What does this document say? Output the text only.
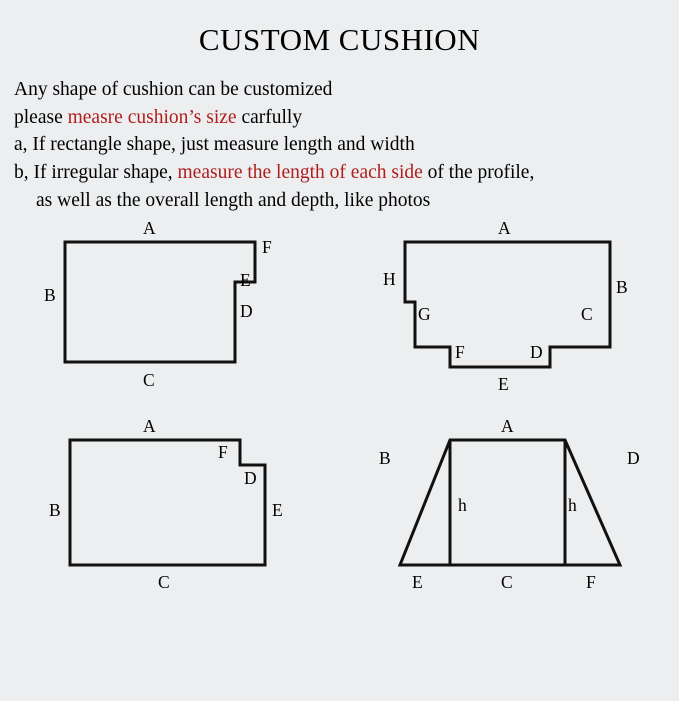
CUSTOM CUSHION
Any shape of cushion can be customized
please measre cushion’s size carfully
a, If rectangle shape, just measure length and width
b, If irregular shape, measure the length of each side of the profile,
as well as the overall length and depth, like photos
A
F
B
E
D
C
A
H	B
G	C
F	D
E
A
F
D
B	E
C
A
B	D
h	h
E	C	F
